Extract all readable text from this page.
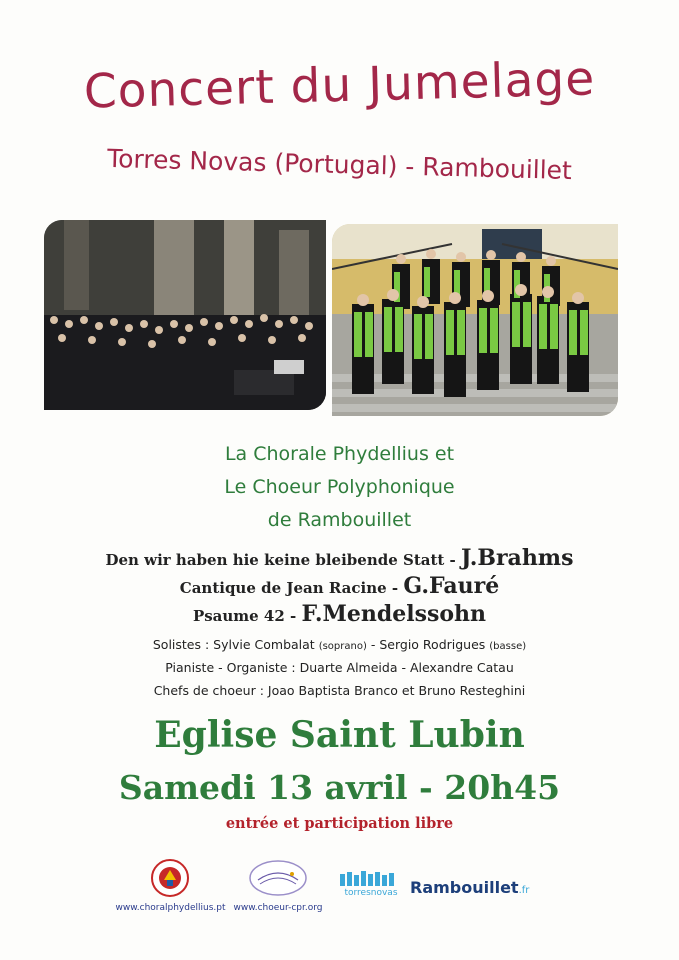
Concert du Jumelage
Torres Novas (Portugal) - Rambouillet
La Chorale Phydellius et
Le Choeur Polyphonique
de Rambouillet
Den wir haben hie keine bleibende Statt - J.Brahms
Cantique de Jean Racine - G.Fauré
Psaume 42 - F.Mendelssohn
Solistes : Sylvie Combalat (soprano) - Sergio Rodrigues (basse)
Pianiste - Organiste : Duarte Almeida - Alexandre Catau
Chefs de choeur : Joao Baptista Branco et Bruno Resteghini
Eglise Saint Lubin
Samedi 13 avril - 20h45
entrée et participation libre
www.choralphydellius.pt www.choeur-cpr.org
torresnovas Rambouillet.fr
